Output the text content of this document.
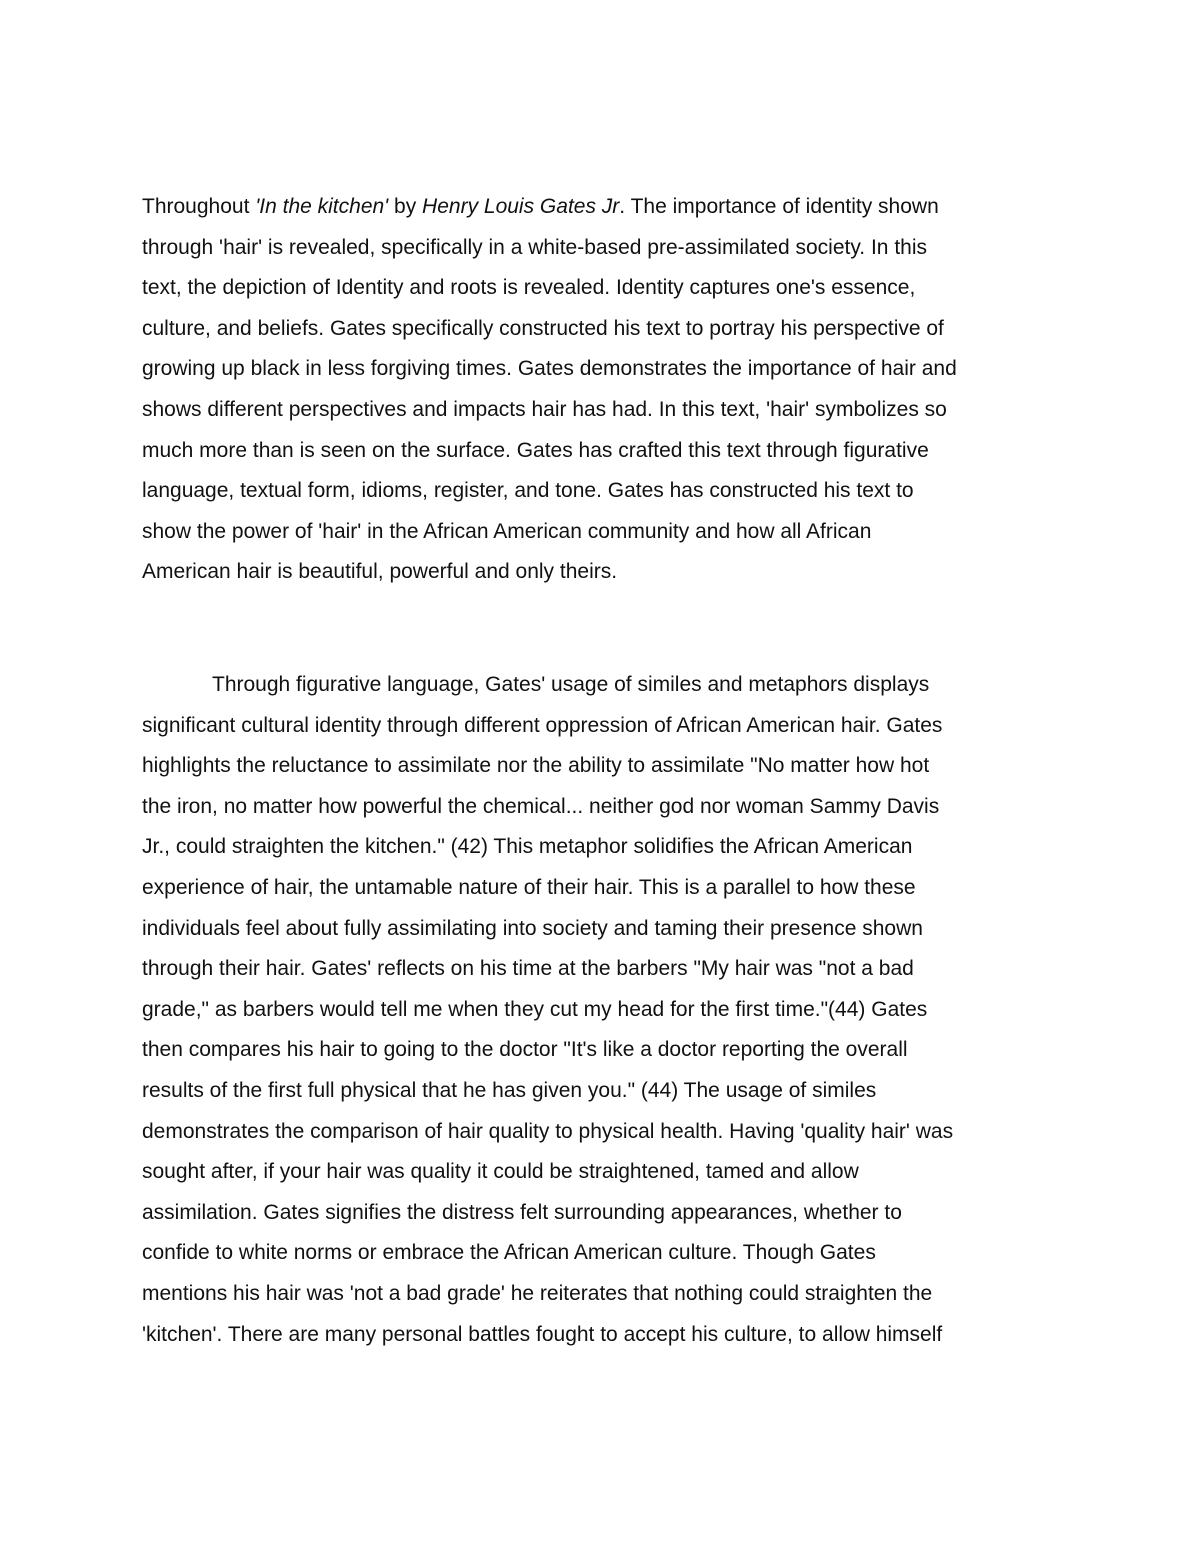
Throughout 'In the kitchen' by Henry Louis Gates Jr. The importance of identity shown
through 'hair' is revealed, specifically in a white-based pre-assimilated society. In this
text, the depiction of Identity and roots is revealed. Identity captures one's essence,
culture, and beliefs. Gates specifically constructed his text to portray his perspective of
growing up black in less forgiving times. Gates demonstrates the importance of hair and
shows different perspectives and impacts hair has had. In this text, 'hair' symbolizes so
much more than is seen on the surface. Gates has crafted this text through figurative
language, textual form, idioms, register, and tone. Gates has constructed his text to
show the power of 'hair' in the African American community and how all African
American hair is beautiful, powerful and only theirs.
Through figurative language, Gates' usage of similes and metaphors displays
significant cultural identity through different oppression of African American hair. Gates
highlights the reluctance to assimilate nor the ability to assimilate "No matter how hot
the iron, no matter how powerful the chemical... neither god nor woman Sammy Davis
Jr., could straighten the kitchen." (42) This metaphor solidifies the African American
experience of hair, the untamable nature of their hair. This is a parallel to how these
individuals feel about fully assimilating into society and taming their presence shown
through their hair. Gates' reflects on his time at the barbers "My hair was "not a bad
grade," as barbers would tell me when they cut my head for the first time."(44) Gates
then compares his hair to going to the doctor "It's like a doctor reporting the overall
results of the first full physical that he has given you." (44) The usage of similes
demonstrates the comparison of hair quality to physical health. Having 'quality hair' was
sought after, if your hair was quality it could be straightened, tamed and allow
assimilation. Gates signifies the distress felt surrounding appearances, whether to
confide to white norms or embrace the African American culture. Though Gates
mentions his hair was 'not a bad grade' he reiterates that nothing could straighten the
'kitchen'. There are many personal battles fought to accept his culture, to allow himself
